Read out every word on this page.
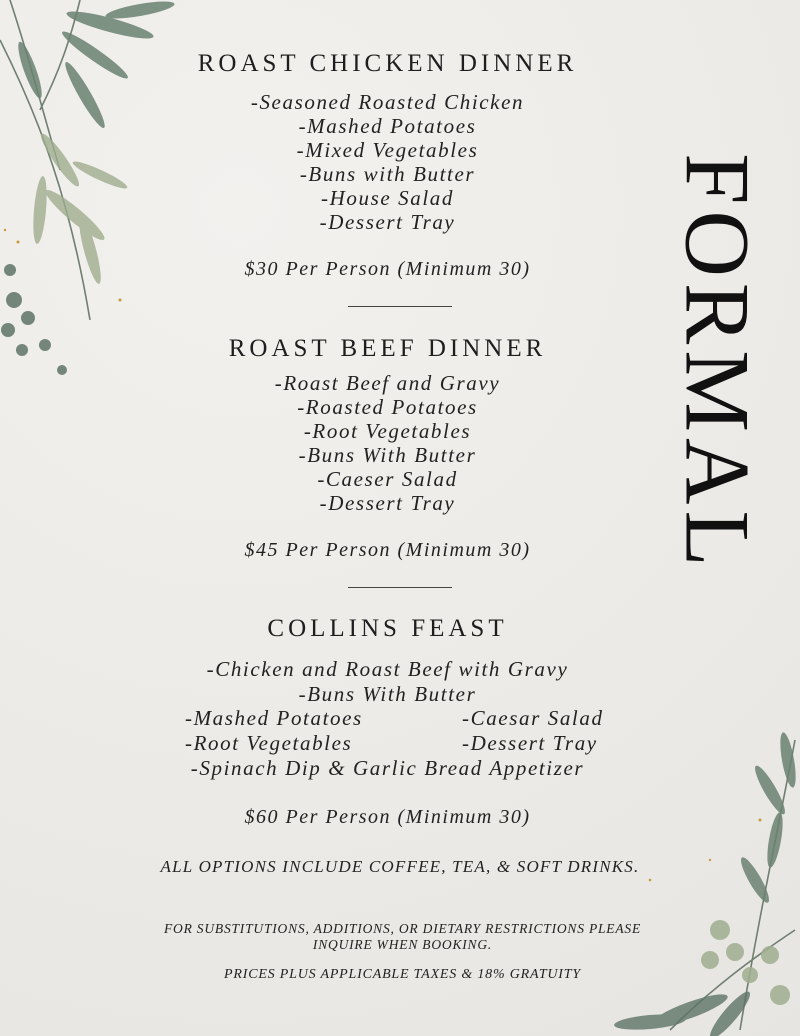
FORMAL
ROAST CHICKEN DINNER
-Seasoned Roasted Chicken
-Mashed Potatoes
-Mixed Vegetables
-Buns with Butter
-House Salad
-Dessert Tray
$30 Per Person (Minimum 30)
ROAST BEEF DINNER
-Roast Beef and Gravy
-Roasted Potatoes
-Root Vegetables
-Buns With Butter
-Caeser Salad
-Dessert Tray
$45 Per Person (Minimum 30)
COLLINS FEAST
-Chicken and Roast Beef with Gravy
-Buns With Butter
-Mashed Potatoes
-Root Vegetables
-Caesar Salad
-Dessert Tray
-Spinach Dip & Garlic Bread Appetizer
$60 Per Person (Minimum 30)
ALL OPTIONS INCLUDE COFFEE, TEA, & SOFT DRINKS.
FOR SUBSTITUTIONS, ADDITIONS, OR DIETARY RESTRICTIONS PLEASE
INQUIRE WHEN BOOKING.
PRICES PLUS APPLICABLE TAXES & 18% GRATUITY
